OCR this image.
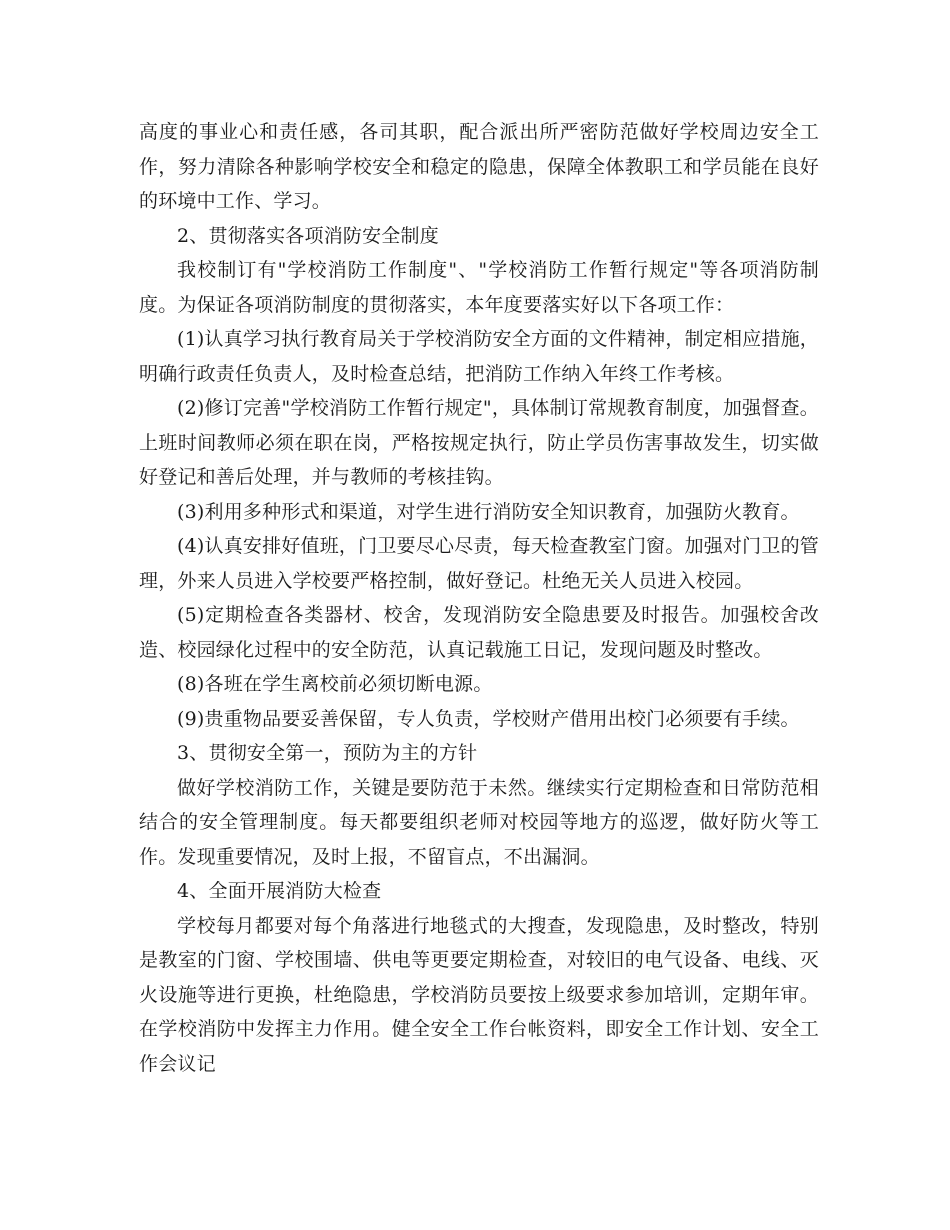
高度的事业心和责任感，各司其职，配合派出所严密防范做好学校周边安全工作，努力清除各种影响学校安全和稳定的隐患，保障全体教职工和学员能在良好的环境中工作、学习。

2、贯彻落实各项消防安全制度

我校制订有"学校消防工作制度"、"学校消防工作暂行规定"等各项消防制度。为保证各项消防制度的贯彻落实，本年度要落实好以下各项工作：

(1)认真学习执行教育局关于学校消防安全方面的文件精神，制定相应措施，明确行政责任负责人，及时检查总结，把消防工作纳入年终工作考核。

(2)修订完善"学校消防工作暂行规定"，具体制订常规教育制度，加强督查。上班时间教师必须在职在岗，严格按规定执行，防止学员伤害事故发生，切实做好登记和善后处理，并与教师的考核挂钩。

(3)利用多种形式和渠道，对学生进行消防安全知识教育，加强防火教育。

(4)认真安排好值班，门卫要尽心尽责，每天检查教室门窗。加强对门卫的管理，外来人员进入学校要严格控制，做好登记。杜绝无关人员进入校园。

(5)定期检查各类器材、校舍，发现消防安全隐患要及时报告。加强校舍改造、校园绿化过程中的安全防范，认真记载施工日记，发现问题及时整改。

(8)各班在学生离校前必须切断电源。

(9)贵重物品要妥善保留，专人负责，学校财产借用出校门必须要有手续。

3、贯彻安全第一，预防为主的方针

做好学校消防工作，关键是要防范于未然。继续实行定期检查和日常防范相结合的安全管理制度。每天都要组织老师对校园等地方的巡逻，做好防火等工作。发现重要情况，及时上报，不留盲点，不出漏洞。

4、全面开展消防大检查

学校每月都要对每个角落进行地毯式的大搜查，发现隐患，及时整改，特别是教室的门窗、学校围墙、供电等更要定期检查，对较旧的电气设备、电线、灭火设施等进行更换，杜绝隐患，学校消防员要按上级要求参加培训，定期年审。在学校消防中发挥主力作用。健全安全工作台帐资料，即安全工作计划、安全工作会议记
